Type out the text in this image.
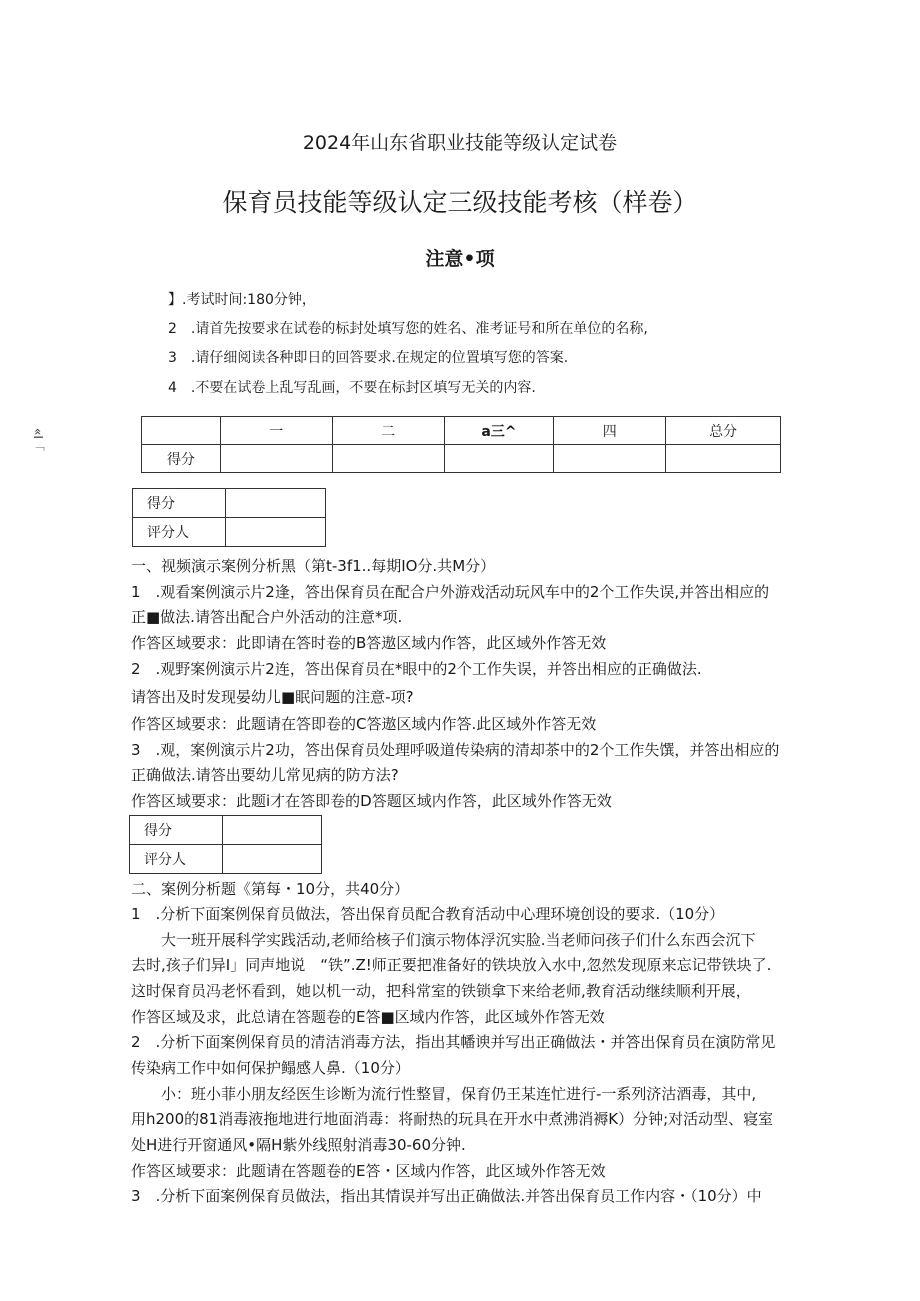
2024年山东省职业技能等级认定试卷
保育员技能等级认定三级技能考核（样卷）
注意•项
«I「
】.考试时间:180分钟，
2　.请首先按要求在试卷的标封处填写您的姓名、准考证号和所在单位的名称,
3　.请仔细阅读各种即日的回答要求.在规定的位置填写您的答案.
4　.不要在试卷上乱写乱画，不要在标封区填写无关的内容.
	一	二	a三^	四	总分
得分					
得分	
评分人	
一、视频演示案例分析黑（第t-3f1..每期IO分.共M分）
1　.观看案例演示片2逢，答出保育员在配合户外游戏活动玩风车中的2个工作失误,并答出相应的
正■做法.请答出配合户外活动的注意*项.
作答区域要求：此即请在答时卷的B答遨区域内作答，此区域外作答无效
2　.观野案例演示片2连，答出保育员在*眼中的2个工作失误，并答出相应的正确做法.
请答出及时发现晏幼儿■眠问题的注意-项?
作答区域要求：此题请在答即卷的C答遨区域内作答.此区域外作答无效
3　.观，案例演示片2功，答出保育员处理呼吸道传染病的清却茶中的2个工作失馔，并答出相应的
正确做法.请答出要幼儿常见病的防方法?
作答区域要求：此题i才在答即卷的D答题区域内作答，此区域外作答无效
得分	
评分人	
二、案例分析题《第每・10分，共40分）
1　.分析下面案例保育员做法，答出保育员配合教育活动中心理环境创设的要求.（10分）
　　大一班开展科学实践活动,老师给核子们演示物体浮沉实脸.当老师问孩子们什么东西会沉下
去时,孩子们异I」同声地说　“铁”.Z!师正要把准备好的铁块放入水中,忽然发现原来忘记带铁块了.
这时保育员冯老怀看到，她以机一动，把科常室的铁锁拿下来给老师,教育活动继续顺利开展，
作答区域及求，此总请在答题卷的E答■区域内作答，此区域外作答无效
2　.分析下面案例保育员的清洁消毒方法，指出其幡谀并写出正确做法・并答出保育员在演防常见
传染病工作中如何保护鳎感人鼻.（10分）
　　小：班小菲小朋友经医生诊断为流行性整冒，保育仍王某连忙进行-一系列济沽酒毒，其中,
用h200的81消毒液拖地进行地面消毒：将耐热的玩具在开水中煮沸消褥K）分钟;对活动型、寝室
处H进行开窗通风•隔H紫外线照射消毒30-60分钟.
作答区域要求：此题请在答题卷的E答・区域内作答，此区域外作答无效
3　.分析下面案例保育员做法，指出其情误并写出正确做法.并答出保育员工作内容・（10分）中
